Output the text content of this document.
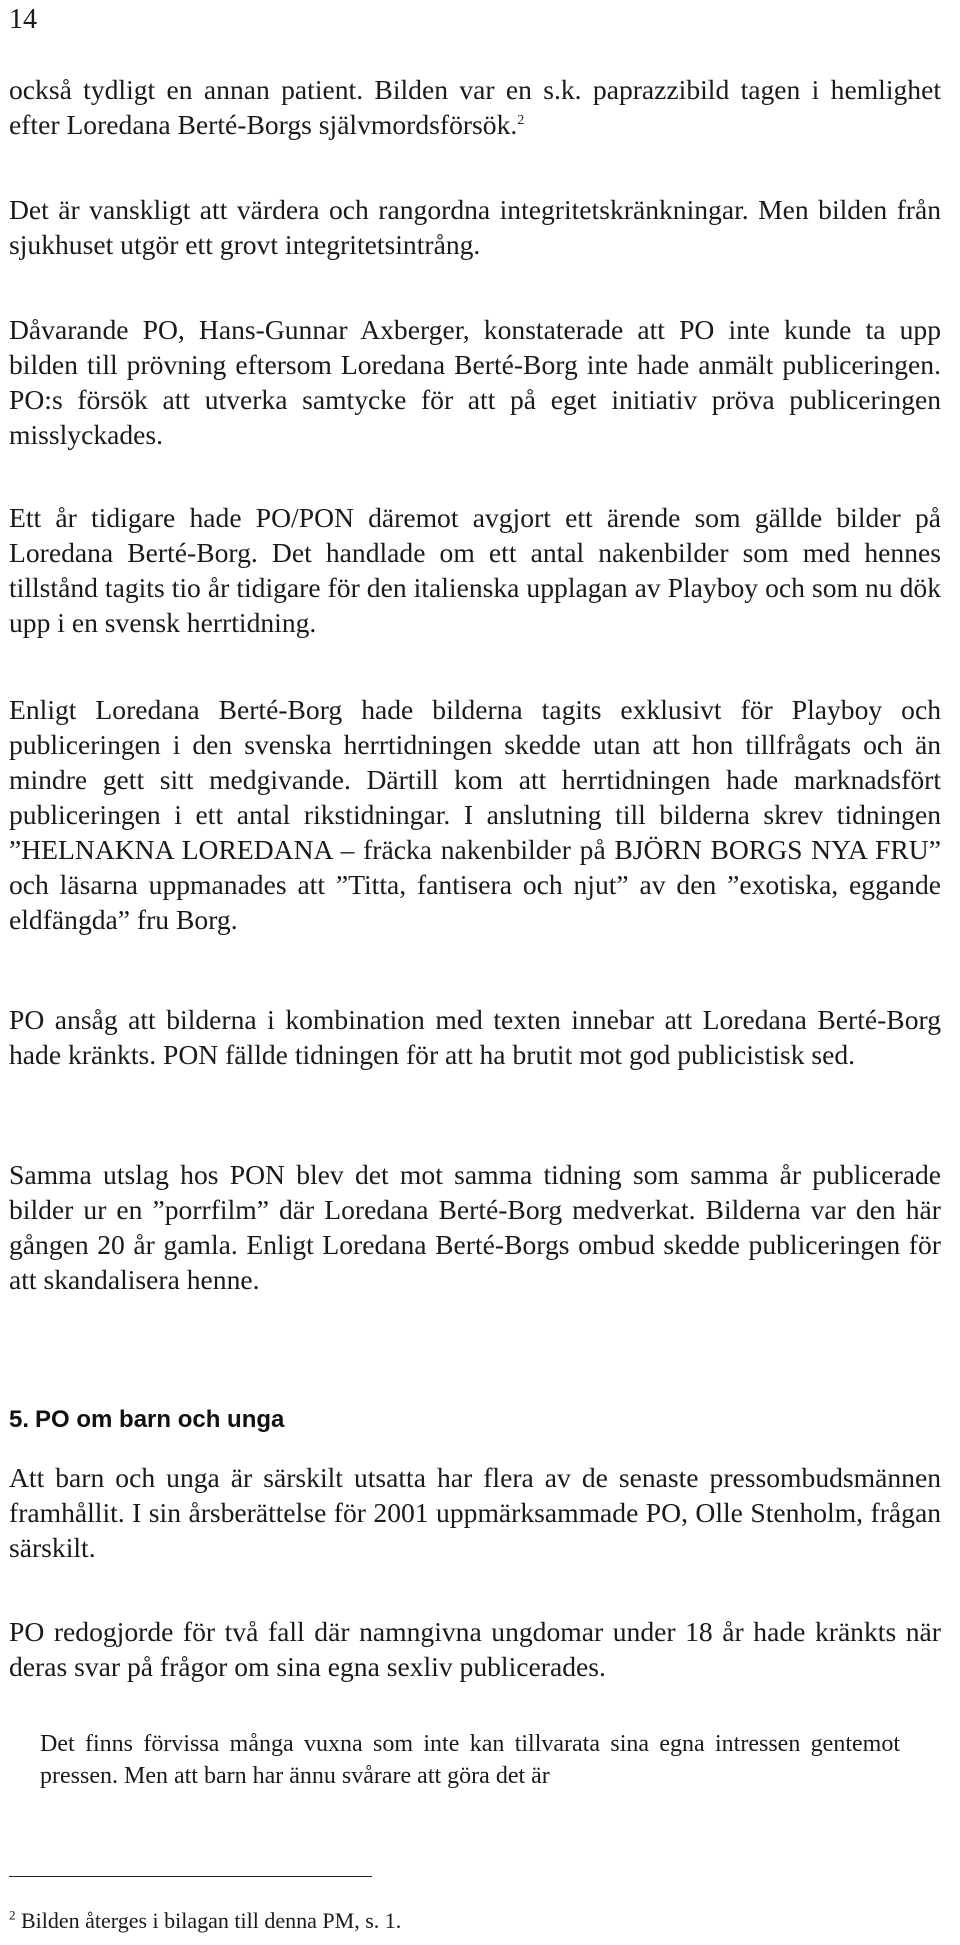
14

också tydligt en annan patient. Bilden var en s.k. paprazzibild tagen i hemlighet efter Loredana Berté-Borgs självmordsförsök.$^2$

Det är vanskligt att värdera och rangordna integritetskränkningar. Men bilden från sjukhuset utgör ett grovt integritetsintrång.

Dåvarande PO, Hans-Gunnar Axberger, konstaterade att PO inte kunde ta upp bilden till prövning eftersom Loredana Berté-Borg inte hade anmält publiceringen. PO:s försök att utverka samtycke för att på eget initiativ pröva publiceringen misslyckades.

Ett år tidigare hade PO/PON däremot avgjort ett ärende som gällde bilder på Loredana Berté-Borg. Det handlade om ett antal nakenbilder som med hennes tillstånd tagits tio år tidigare för den italienska upplagan av Playboy och som nu dök upp i en svensk herrtidning.

Enligt Loredana Berté-Borg hade bilderna tagits exklusivt för Playboy och publiceringen i den svenska herrtidningen skedde utan att hon tillfrågats och än mindre gett sitt medgivande. Därtill kom att herrtidningen hade marknadsfört publiceringen i ett antal rikstidningar. I anslutning till bilderna skrev tidningen ”HELNAKNA LOREDANA – fräcka nakenbilder på BJÖRN BORGS NYA FRU” och läsarna uppmanades att ”Titta, fantisera och njut” av den ”exotiska, eggande eldfängda” fru Borg.

PO ansåg att bilderna i kombination med texten innebar att Loredana Berté-Borg hade kränkts. PON fällde tidningen för att ha brutit mot god publicistisk sed.

Samma utslag hos PON blev det mot samma tidning som samma år publicerade bilder ur en ”porrfilm” där Loredana Berté-Borg medverkat. Bilderna var den här gången 20 år gamla. Enligt Loredana Berté-Borgs ombud skedde publiceringen för att skandalisera henne.

5. PO om barn och unga

Att barn och unga är särskilt utsatta har flera av de senaste pressombudsmännen framhållit. I sin årsberättelse för 2001 uppmärksammade PO, Olle Stenholm, frågan särskilt.

PO redogjorde för två fall där namngivna ungdomar under 18 år hade kränkts när deras svar på frågor om sina egna sexliv publicerades.

Det finns förvissa många vuxna som inte kan tillvarata sina egna intressen gentemot pressen. Men att barn har ännu svårare att göra det är

$^2$ Bilden återges i bilagan till denna PM, s. 1.
